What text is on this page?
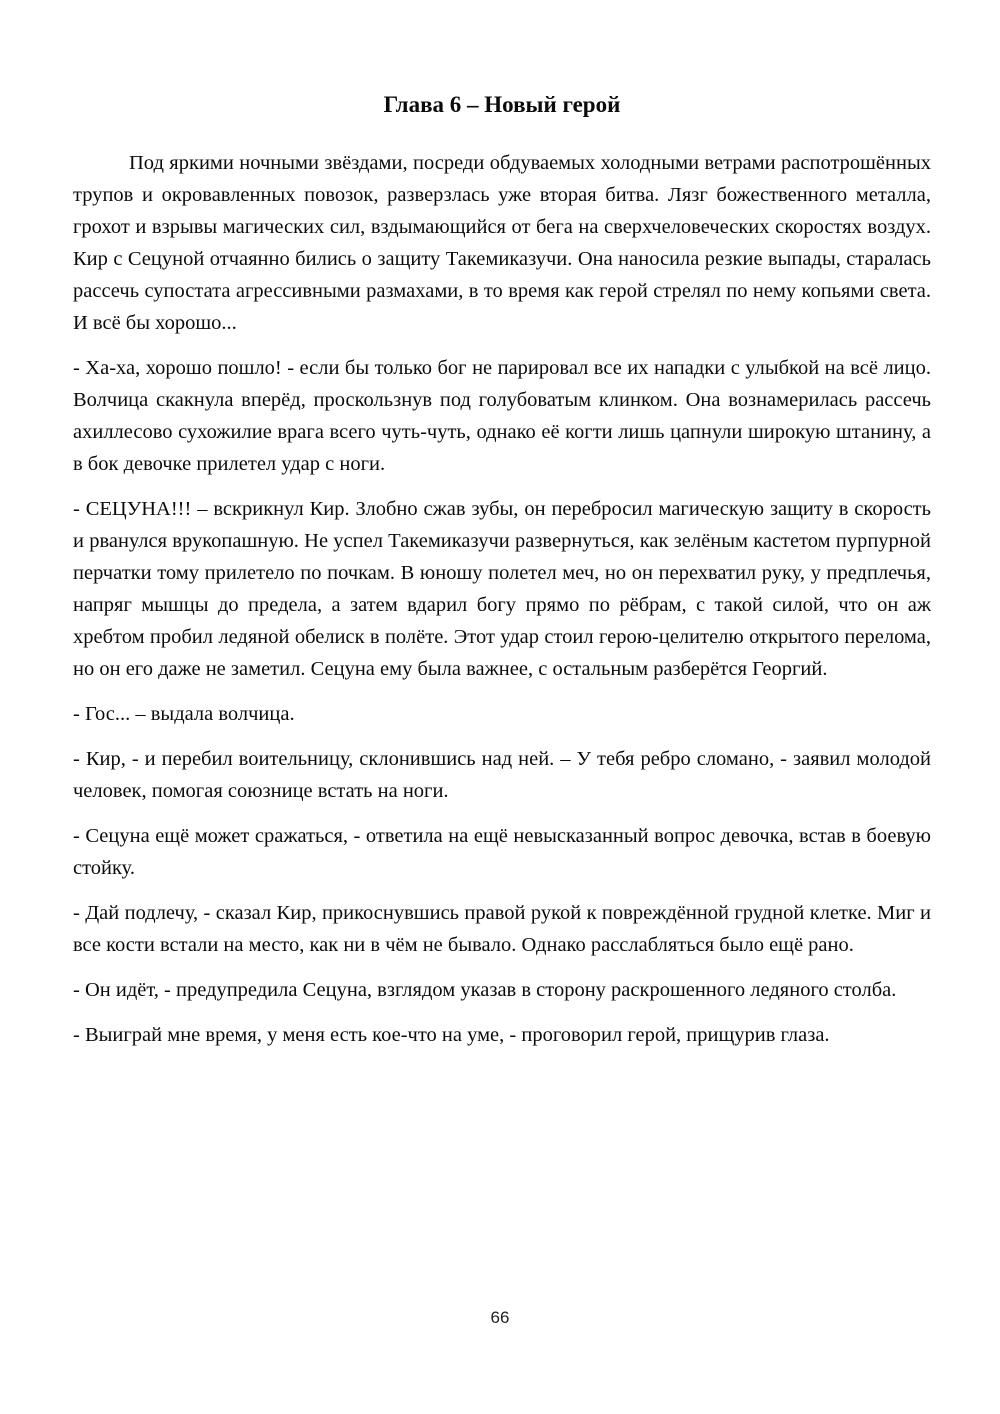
Глава 6 – Новый герой

Под яркими ночными звёздами, посреди обдуваемых холодными ветрами распотрошённых трупов и окровавленных повозок, разверзлась уже вторая битва. Лязг божественного металла, грохот и взрывы магических сил, вздымающийся от бега на сверхчеловеческих скоростях воздух. Кир с Сецуной отчаянно бились о защиту Такемиказучи. Она наносила резкие выпады, старалась рассечь супостата агрессивными размахами, в то время как герой стрелял по нему копьями света. И всё бы хорошо...

- Ха-ха, хорошо пошло! - если бы только бог не парировал все их нападки с улыбкой на всё лицо. Волчица скакнула вперёд, проскользнув под голубоватым клинком. Она вознамерилась рассечь ахиллесово сухожилие врага всего чуть-чуть, однако её когти лишь цапнули широкую штанину, а в бок девочке прилетел удар с ноги.

- СЕЦУНА!!! – вскрикнул Кир. Злобно сжав зубы, он перебросил магическую защиту в скорость и рванулся врукопашную. Не успел Такемиказучи развернуться, как зелёным кастетом пурпурной перчатки тому прилетело по почкам. В юношу полетел меч, но он перехватил руку, у предплечья, напряг мышцы до предела, а затем вдарил богу прямо по рёбрам, с такой силой, что он аж хребтом пробил ледяной обелиск в полёте. Этот удар стоил герою-целителю открытого перелома, но он его даже не заметил. Сецуна ему была важнее, с остальным разберётся Георгий.

- Гос... – выдала волчица.

- Кир, - и перебил воительницу, склонившись над ней. – У тебя ребро сломано, - заявил молодой человек, помогая союзнице встать на ноги.

- Сецуна ещё может сражаться, - ответила на ещё невысказанный вопрос девочка, встав в боевую стойку.

- Дай подлечу, - сказал Кир, прикоснувшись правой рукой к повреждённой грудной клетке. Миг и все кости встали на место, как ни в чём не бывало. Однако расслабляться было ещё рано.

- Он идёт, - предупредила Сецуна, взглядом указав в сторону раскрошенного ледяного столба.

- Выиграй мне время, у меня есть кое-что на уме, - проговорил герой, прищурив глаза.

66
